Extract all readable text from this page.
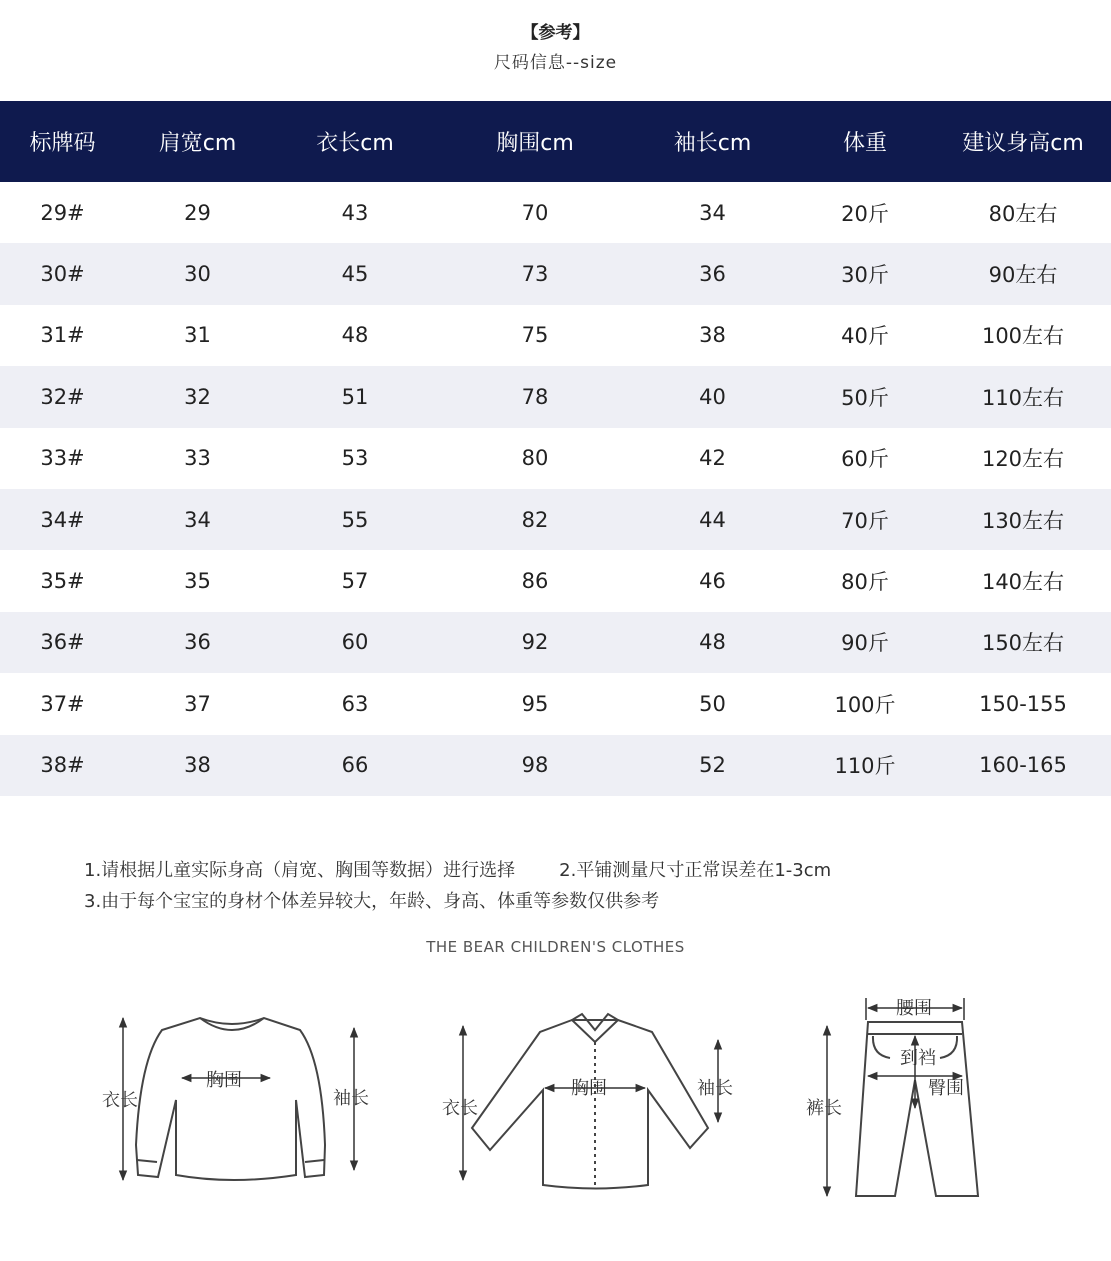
【参考】
尺码信息--size
标牌码	肩宽cm	衣长cm	胸围cm	袖长cm	体重	建议身高cm
29#	29	43	70	34	20斤	80左右
30#	30	45	73	36	30斤	90左右
31#	31	48	75	38	40斤	100左右
32#	32	51	78	40	50斤	110左右
33#	33	53	80	42	60斤	120左右
34#	34	55	82	44	70斤	130左右
35#	35	57	86	46	80斤	140左右
36#	36	60	92	48	90斤	150左右
37#	37	63	95	50	100斤	150-155
38#	38	66	98	52	110斤	160-165
1.请根据儿童实际身高（肩宽、胸围等数据）进行选择 2.平铺测量尺寸正常误差在1-3cm
3.由于每个宝宝的身材个体差异较大，年龄、身高、体重等参数仅供参考
THE BEAR CHILDREN'S CLOTHES
衣长
胸围
袖长	衣长
胸围	袖长
腰围
到裆
臀围
裤长
